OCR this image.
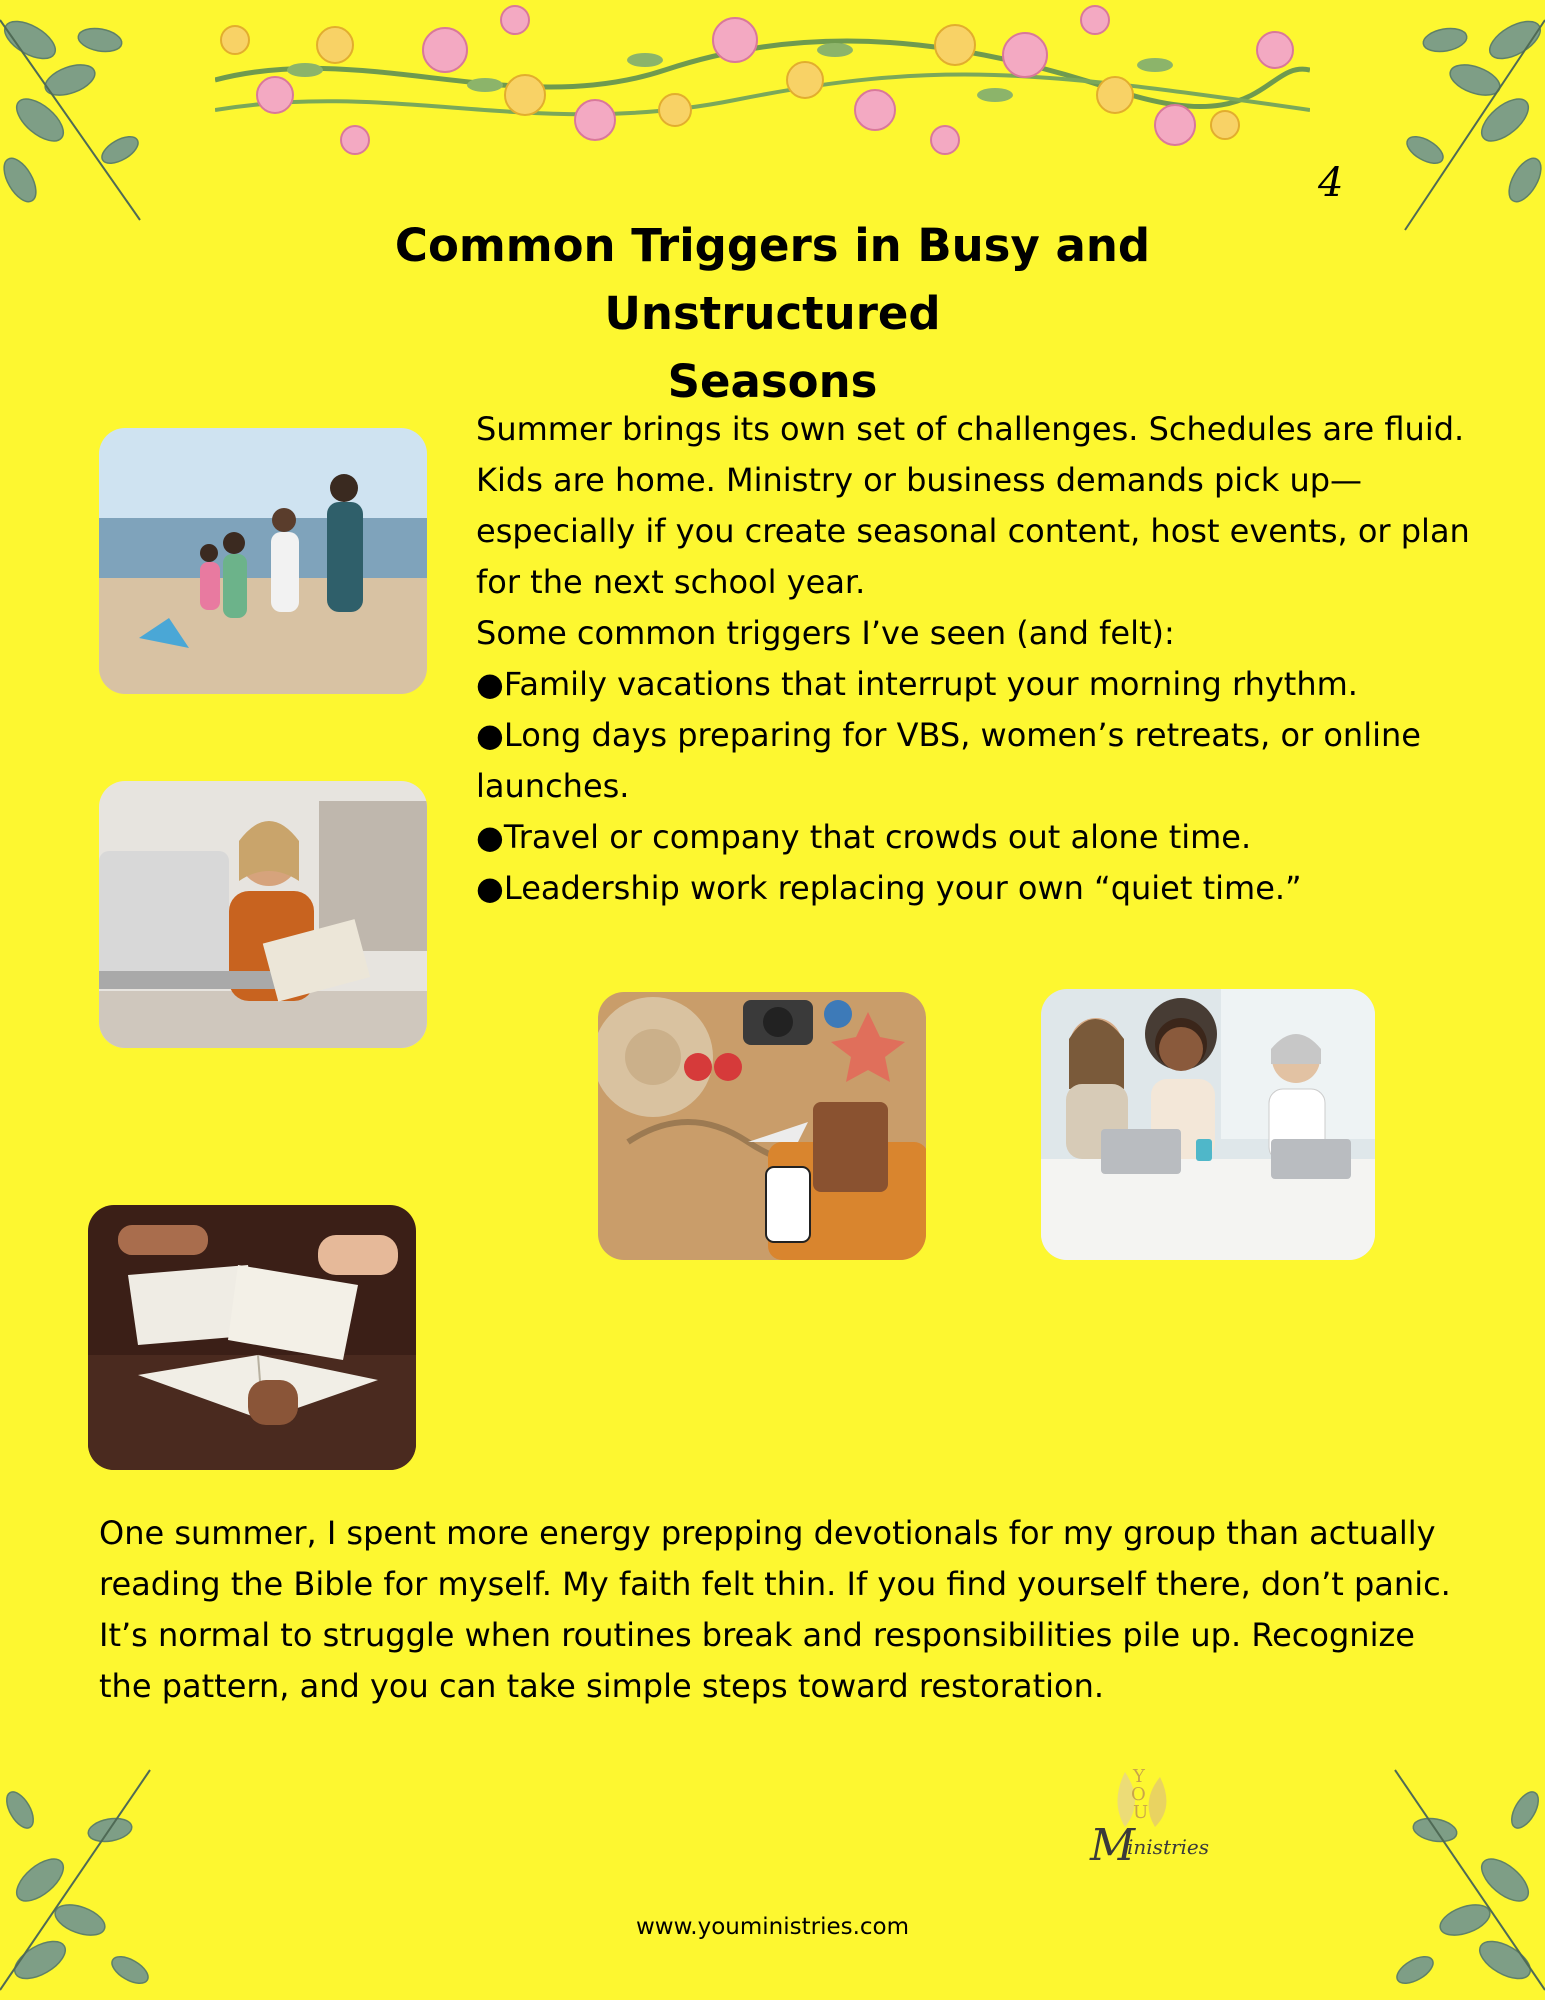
4
Common Triggers in Busy and Unstructured
Seasons

Summer brings its own set of challenges. Schedules are fluid. Kids are home. Ministry or business demands pick up—especially if you create seasonal content, host events, or plan for the next school year.

Some common triggers I’ve seen (and felt):

● Family vacations that interrupt your morning rhythm.

● Long days preparing for VBS, women’s retreats, or online launches.

● Travel or company that crowds out alone time.

● Leadership work replacing your own “quiet time.”

One summer, I spent more energy prepping devotionals for my group than actually reading the Bible for myself. My faith felt thin. If you find yourself there, don’t panic. It’s normal to struggle when routines break and responsibilities pile up. Recognize the pattern, and you can take simple steps toward restoration.

Y
O
U
M
inistries
www.youministries.com
